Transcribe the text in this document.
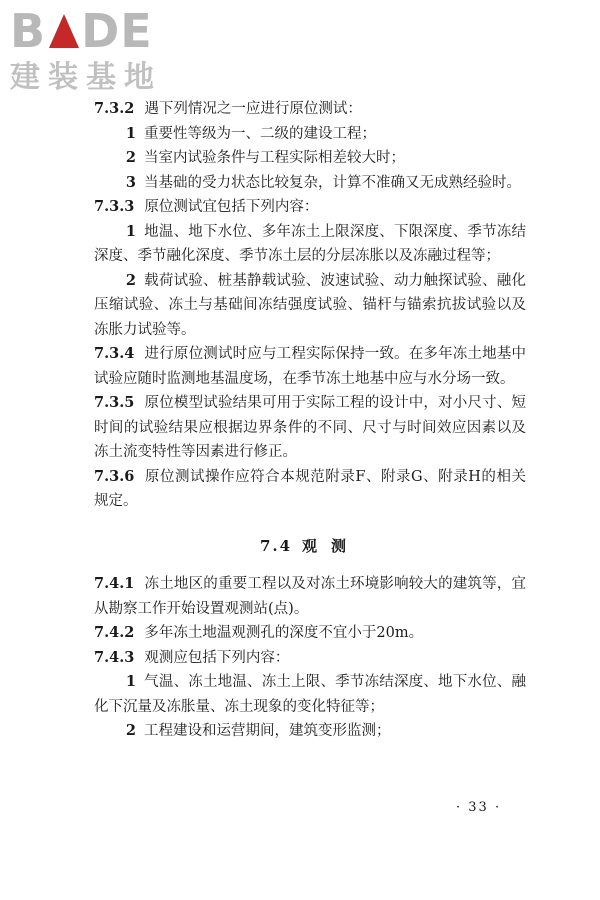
B DE
建装基地

7.3.2 遇下列情况之一应进行原位测试：

1 重要性等级为一、二级的建设工程；

2 当室内试验条件与工程实际相差较大时；

3 当基础的受力状态比较复杂，计算不准确又无成熟经验时。

7.3.3 原位测试宜包括下列内容：

1 地温、地下水位、多年冻土上限深度、下限深度、季节冻结深度、季节融化深度、季节冻土层的分层冻胀以及冻融过程等；

2 载荷试验、桩基静载试验、波速试验、动力触探试验、融化压缩试验、冻土与基础间冻结强度试验、锚杆与锚索抗拔试验以及冻胀力试验等。

7.3.4 进行原位测试时应与工程实际保持一致。在多年冻土地基中试验应随时监测地基温度场，在季节冻土地基中应与水分场一致。

7.3.5 原位模型试验结果可用于实际工程的设计中，对小尺寸、短时间的试验结果应根据边界条件的不同、尺寸与时间效应因素以及冻土流变特性等因素进行修正。

7.3.6 原位测试操作应符合本规范附录F、附录G、附录H的相关规定。

7.4 观测

7.4.1 冻土地区的重要工程以及对冻土环境影响较大的建筑等，宜从勘察工作开始设置观测站(点)。

7.4.2 多年冻土地温观测孔的深度不宜小于20m。

7.4.3 观测应包括下列内容：

1 气温、冻土地温、冻土上限、季节冻结深度、地下水位、融化下沉量及冻胀量、冻土现象的变化特征等；

2 工程建设和运营期间，建筑变形监测；

· 33 ·
